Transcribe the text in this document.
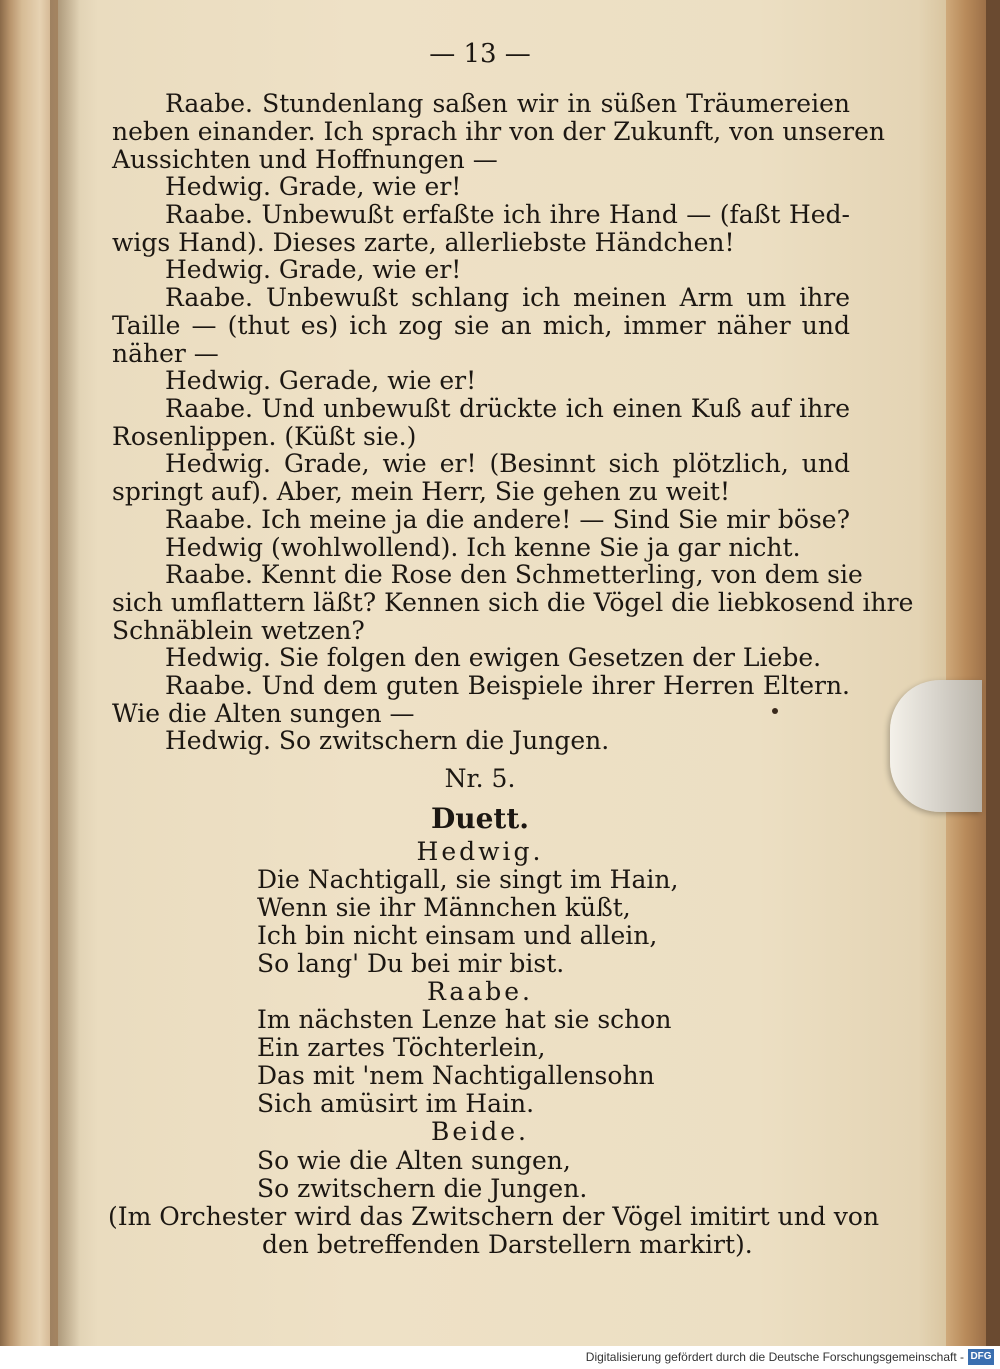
— 13 —
Raabe. Stundenlang saßen wir in süßen Träumereien
neben einander. Ich sprach ihr von der Zukunft, von unseren
Aussichten und Hoffnungen —
Hedwig. Grade, wie er!
Raabe. Unbewußt erfaßte ich ihre Hand — (faßt Hed-
wigs Hand). Dieses zarte, allerliebste Händchen!
Hedwig. Grade, wie er!
Raabe. Unbewußt schlang ich meinen Arm um ihre
Taille — (thut es) ich zog sie an mich, immer näher und
näher —
Hedwig. Gerade, wie er!
Raabe. Und unbewußt drückte ich einen Kuß auf ihre
Rosenlippen. (Küßt sie.)
Hedwig. Grade, wie er! (Besinnt sich plötzlich, und
springt auf). Aber, mein Herr, Sie gehen zu weit!
Raabe. Ich meine ja die andere! — Sind Sie mir böse?
Hedwig (wohlwollend). Ich kenne Sie ja gar nicht.
Raabe. Kennt die Rose den Schmetterling, von dem sie
sich umflattern läßt? Kennen sich die Vögel die liebkosend ihre
Schnäblein wetzen?
Hedwig. Sie folgen den ewigen Gesetzen der Liebe.
Raabe. Und dem guten Beispiele ihrer Herren Eltern.
Wie die Alten sungen —
Hedwig. So zwitschern die Jungen.
Nr. 5.
Duett.
Hedwig.
Die Nachtigall, sie singt im Hain,
Wenn sie ihr Männchen küßt,
Ich bin nicht einsam und allein,
So lang' Du bei mir bist.
Raabe.
Im nächsten Lenze hat sie schon
Ein zartes Töchterlein,
Das mit 'nem Nachtigallensohn
Sich amüsirt im Hain.
Beide.
So wie die Alten sungen,
So zwitschern die Jungen.
(Im Orchester wird das Zwitschern der Vögel imitirt und von
den betreffenden Darstellern markirt).
Digitalisierung gefördert durch die Deutsche Forschungsgemeinschaft - DFG
